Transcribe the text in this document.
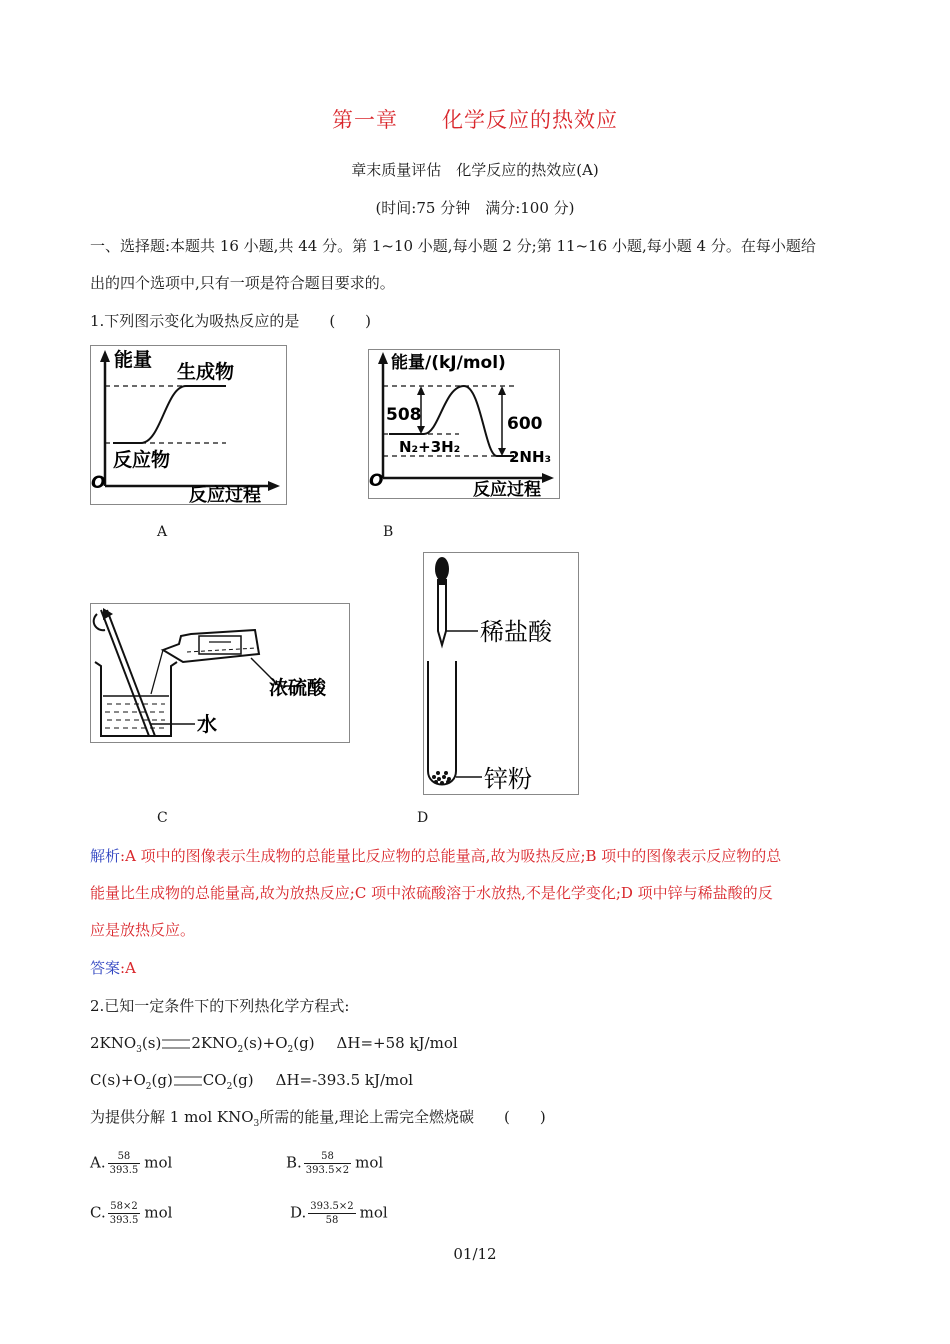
第一章　　化学反应的热效应
章末质量评估　化学反应的热效应(A)
(时间:75 分钟　满分:100 分)
一、选择题:本题共 16 小题,共 44 分。第 1~10 小题,每小题 2 分;第 11~16 小题,每小题 4 分。在每小题给
出的四个选项中,只有一项是符合题目要求的。
1.下列图示变化为吸热反应的是　　(　　)
能量
生成物
反应物
O
反应过程
A
能量/(kJ/mol)
508	600
N₂+3H₂
2NH₃
O	反应过程
B
浓硫酸
水
C
稀盐酸
锌粉
D
解析:A 项中的图像表示生成物的总能量比反应物的总能量高,故为吸热反应;B 项中的图像表示反应物的总
能量比生成物的总能量高,故为放热反应;C 项中浓硫酸溶于水放热,不是化学变化;D 项中锌与稀盐酸的反
应是放热反应。
答案:A
2.已知一定条件下的下列热化学方程式:
$2KNO_3(s)$ $2KNO_2(s)+O_2(g)$ ΔH=+58 kJ/mol
$C(s)+O_2(g)$ $CO_2(g)$ ΔH=-393.5 kJ/mol
为提供分解 1 mol $KNO_3$所需的能量,理论上需完全燃烧碳　　(　　)
A. $\frac{58}{393.5}$ mol	B. $\frac{58}{393.5\times 2}$ mol
C. $\frac{58\times 2}{393.5}$ mol	D. $\frac{393.5\times 2}{58}$ mol
01/12
